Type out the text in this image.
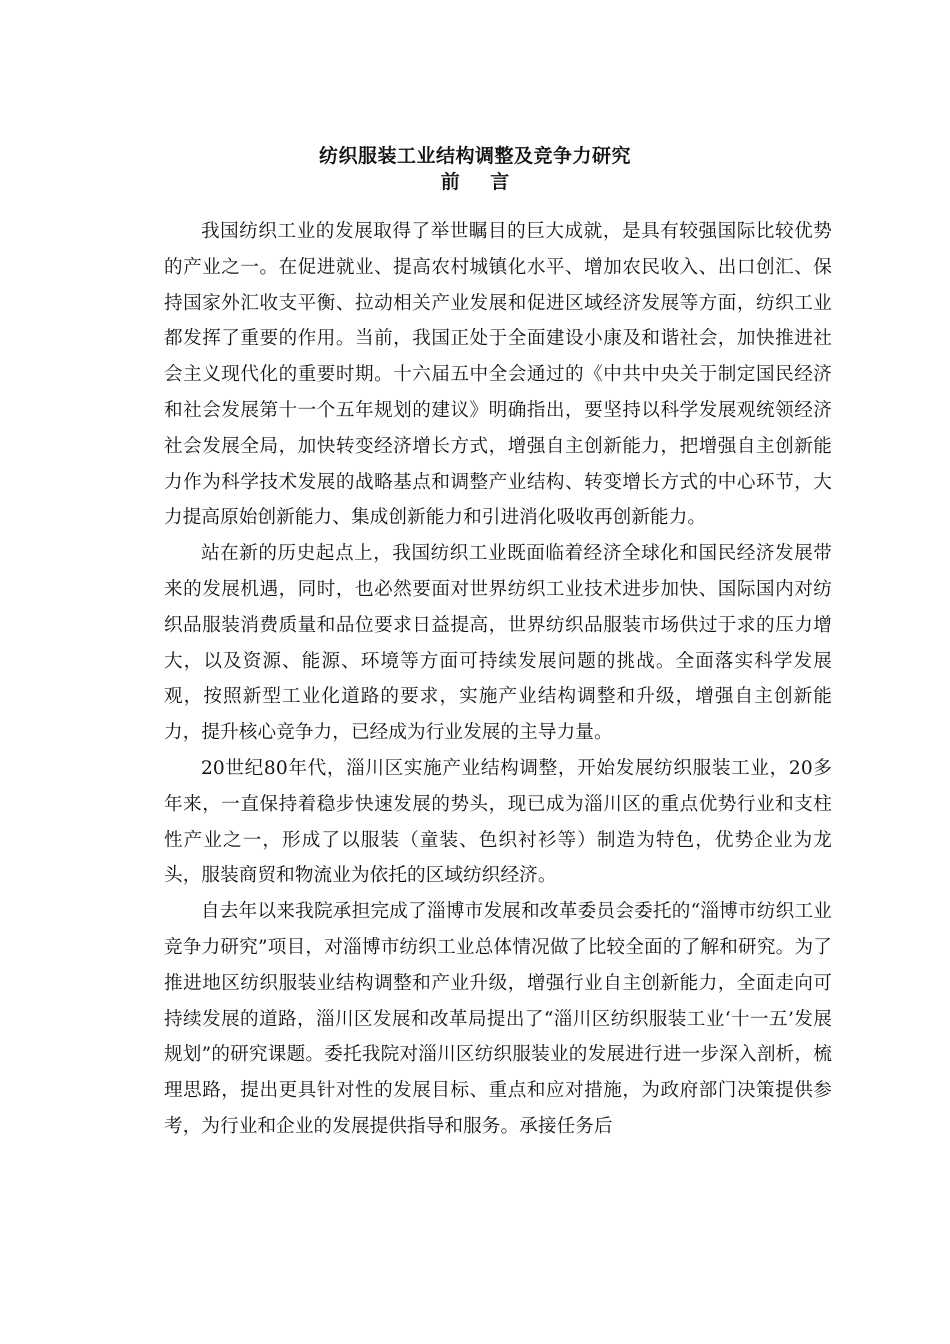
纺织服装工业结构调整及竞争力研究
前 言

我国纺织工业的发展取得了举世瞩目的巨大成就，是具有较强国际比较优势的产业之一。在促进就业、提高农村城镇化水平、增加农民收入、出口创汇、保持国家外汇收支平衡、拉动相关产业发展和促进区域经济发展等方面，纺织工业都发挥了重要的作用。当前，我国正处于全面建设小康及和谐社会，加快推进社会主义现代化的重要时期。十六届五中全会通过的《中共中央关于制定国民经济和社会发展第十一个五年规划的建议》明确指出，要坚持以科学发展观统领经济社会发展全局，加快转变经济增长方式，增强自主创新能力，把增强自主创新能力作为科学技术发展的战略基点和调整产业结构、转变增长方式的中心环节，大力提高原始创新能力、集成创新能力和引进消化吸收再创新能力。

站在新的历史起点上，我国纺织工业既面临着经济全球化和国民经济发展带来的发展机遇，同时，也必然要面对世界纺织工业技术进步加快、国际国内对纺织品服装消费质量和品位要求日益提高，世界纺织品服装市场供过于求的压力增大，以及资源、能源、环境等方面可持续发展问题的挑战。全面落实科学发展观，按照新型工业化道路的要求，实施产业结构调整和升级，增强自主创新能力，提升核心竞争力，已经成为行业发展的主导力量。

20世纪80年代，淄川区实施产业结构调整，开始发展纺织服装工业，20多年来，一直保持着稳步快速发展的势头，现已成为淄川区的重点优势行业和支柱性产业之一，形成了以服装（童装、色织衬衫等）制造为特色，优势企业为龙头，服装商贸和物流业为依托的区域纺织经济。

自去年以来我院承担完成了淄博市发展和改革委员会委托的“淄博市纺织工业竞争力研究”项目，对淄博市纺织工业总体情况做了比较全面的了解和研究。为了推进地区纺织服装业结构调整和产业升级，增强行业自主创新能力，全面走向可持续发展的道路，淄川区发展和改革局提出了“淄川区纺织服装工业‘十一五’发展规划”的研究课题。委托我院对淄川区纺织服装业的发展进行进一步深入剖析，梳理思路，提出更具针对性的发展目标、重点和应对措施，为政府部门决策提供参考，为行业和企业的发展提供指导和服务。承接任务后
